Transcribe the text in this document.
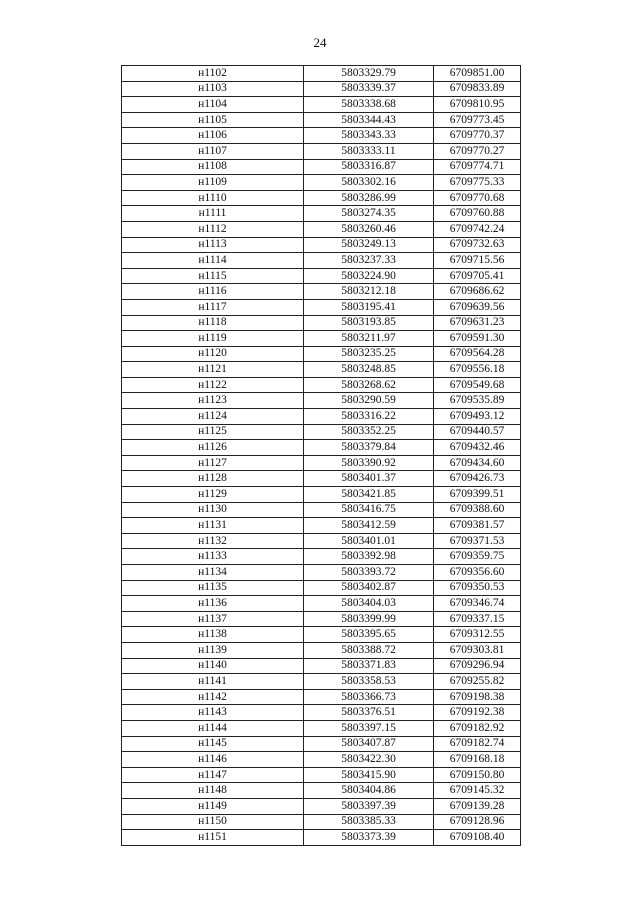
24
н1102	5803329.79	6709851.00
н1103	5803339.37	6709833.89
н1104	5803338.68	6709810.95
н1105	5803344.43	6709773.45
н1106	5803343.33	6709770.37
н1107	5803333.11	6709770.27
н1108	5803316.87	6709774.71
н1109	5803302.16	6709775.33
н1110	5803286.99	6709770.68
н1111	5803274.35	6709760.88
н1112	5803260.46	6709742.24
н1113	5803249.13	6709732.63
н1114	5803237.33	6709715.56
н1115	5803224.90	6709705.41
н1116	5803212.18	6709686.62
н1117	5803195.41	6709639.56
н1118	5803193.85	6709631.23
н1119	5803211.97	6709591.30
н1120	5803235.25	6709564.28
н1121	5803248.85	6709556.18
н1122	5803268.62	6709549.68
н1123	5803290.59	6709535.89
н1124	5803316.22	6709493.12
н1125	5803352.25	6709440.57
н1126	5803379.84	6709432.46
н1127	5803390.92	6709434.60
н1128	5803401.37	6709426.73
н1129	5803421.85	6709399.51
н1130	5803416.75	6709388.60
н1131	5803412.59	6709381.57
н1132	5803401.01	6709371.53
н1133	5803392.98	6709359.75
н1134	5803393.72	6709356.60
н1135	5803402.87	6709350.53
н1136	5803404.03	6709346.74
н1137	5803399.99	6709337.15
н1138	5803395.65	6709312.55
н1139	5803388.72	6709303.81
н1140	5803371.83	6709296.94
н1141	5803358.53	6709255.82
н1142	5803366.73	6709198.38
н1143	5803376.51	6709192.38
н1144	5803397.15	6709182.92
н1145	5803407.87	6709182.74
н1146	5803422.30	6709168.18
н1147	5803415.90	6709150.80
н1148	5803404.86	6709145.32
н1149	5803397.39	6709139.28
н1150	5803385.33	6709128.96
н1151	5803373.39	6709108.40
